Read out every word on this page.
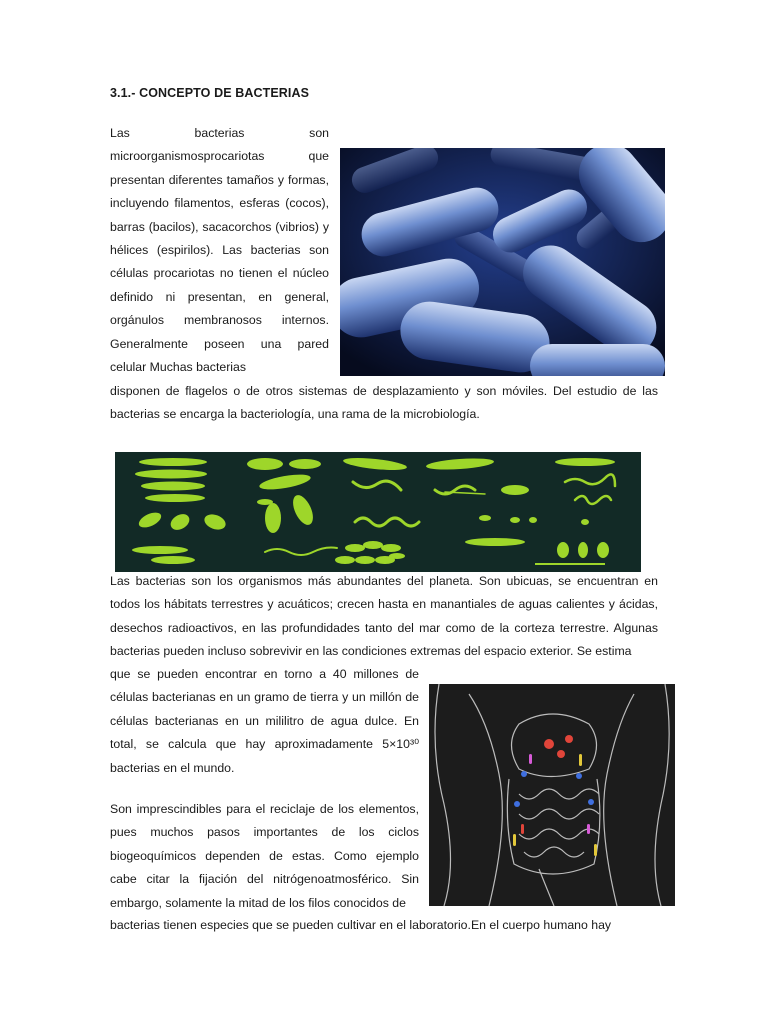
3.1.- CONCEPTO DE BACTERIAS

Las bacterias son microorganismosprocariotas que presentan diferentes tamaños y formas, incluyendo filamentos, esferas (cocos), barras (bacilos), sacacorchos (vibrios) y hélices (espirilos). Las bacterias son células procariotas no tienen el núcleo definido ni presentan, en general, orgánulos membranosos internos. Generalmente poseen una pared celular Muchas bacterias

disponen de flagelos o de otros sistemas de desplazamiento y son móviles. Del estudio de las bacterias se encarga la bacteriología, una rama de la microbiología.

Las bacterias son los organismos más abundantes del planeta. Son ubicuas, se encuentran en todos los hábitats terrestres y acuáticos; crecen hasta en manantiales de aguas calientes y ácidas, desechos radioactivos, en las profundidades tanto del mar como de la corteza terrestre. Algunas bacterias pueden incluso sobrevivir en las condiciones extremas del espacio exterior. Se estima

que se pueden encontrar en torno a 40 millones de células bacterianas en un gramo de tierra y un millón de células bacterianas en un mililitro de agua dulce. En total, se calcula que hay aproximadamente 5×10³⁰ bacterias en el mundo.

Son imprescindibles para el reciclaje de los elementos, pues muchos pasos importantes de los ciclos biogeoquímicos dependen de estas. Como ejemplo cabe citar la fijación del nitrógenoatmosférico. Sin embargo, solamente la mitad de los filos conocidos de

bacterias tienen especies que se pueden cultivar en el laboratorio.En el cuerpo humano hay
